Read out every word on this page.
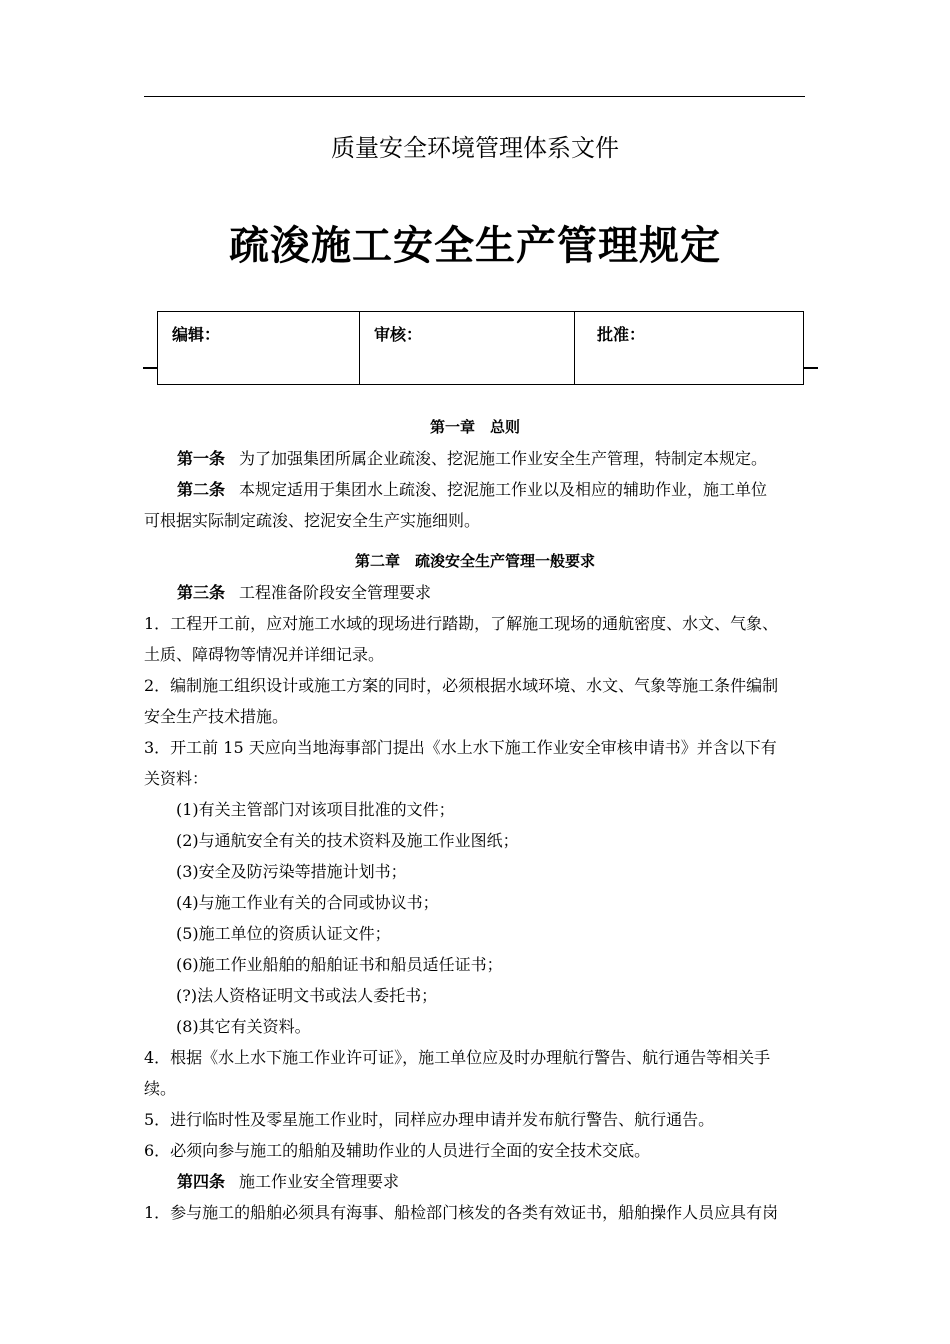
质量安全环境管理体系文件
疏浚施工安全生产管理规定
编辑：	审核：	批准：
第一章　总则
第一条 为了加强集团所属企业疏浚、挖泥施工作业安全生产管理，特制定本规定。
第二条 本规定适用于集团水上疏浚、挖泥施工作业以及相应的辅助作业，施工单位
可根据实际制定疏浚、挖泥安全生产实施细则。
第二章　疏浚安全生产管理一般要求
第三条 工程准备阶段安全管理要求
1．工程开工前，应对施工水域的现场进行踏勘，了解施工现场的通航密度、水文、气象、
土质、障碍物等情况并详细记录。
2．编制施工组织设计或施工方案的同时，必须根据水域环境、水文、气象等施工条件编制
安全生产技术措施。
3．开工前 15 天应向当地海事部门提出《水上水下施工作业安全审核申请书》并含以下有
关资料：
(1)有关主管部门对该项目批准的文件；
(2)与通航安全有关的技术资料及施工作业图纸；
(3)安全及防污染等措施计划书；
(4)与施工作业有关的合同或协议书；
(5)施工单位的资质认证文件；
(6)施工作业船舶的船舶证书和船员适任证书；
(?)法人资格证明文书或法人委托书；
(8)其它有关资料。
4．根据《水上水下施工作业许可证》，施工单位应及时办理航行警告、航行通告等相关手
续。
5．进行临时性及零星施工作业时，同样应办理申请并发布航行警告、航行通告。
6．必须向参与施工的船舶及辅助作业的人员进行全面的安全技术交底。
第四条 施工作业安全管理要求
1．参与施工的船舶必须具有海事、船检部门核发的各类有效证书，船舶操作人员应具有岗
